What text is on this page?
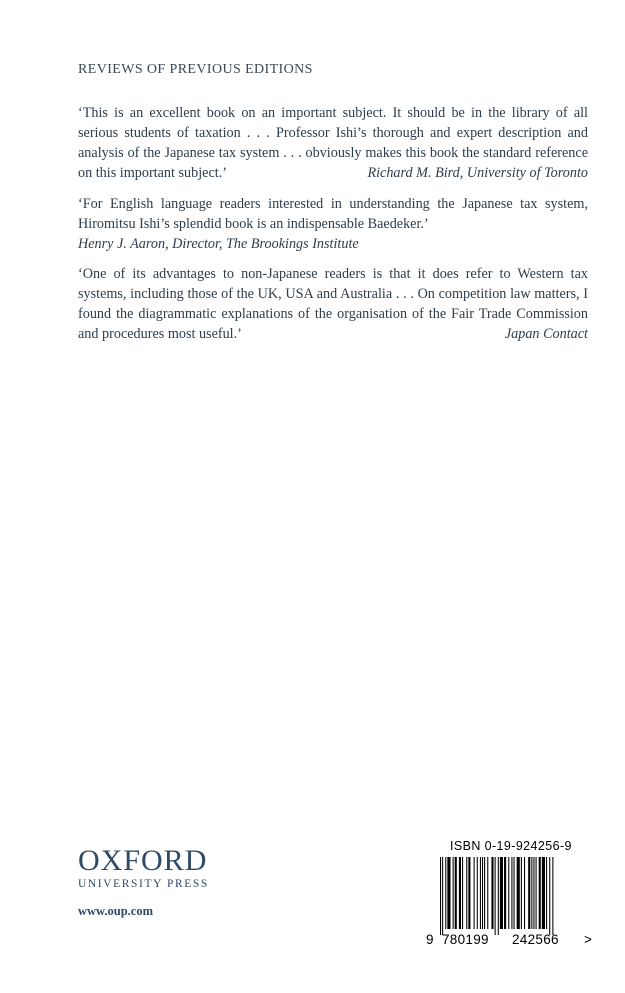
REVIEWS OF PREVIOUS EDITIONS

‘This is an excellent book on an important subject. It should be in the library of all serious students of taxation . . . Professor Ishi’s thorough and expert description and analysis of the Japanese tax system . . . obviously makes this book the standard reference on this important subject.’	Richard M. Bird, University of Toronto

‘For English language readers interested in understanding the Japanese tax system, Hiromitsu Ishi’s splendid book is an indispensable Baedeker.’

Henry J. Aaron, Director, The Brookings Institute

‘One of its advantages to non-Japanese readers is that it does refer to Western tax systems, including those of the UK, USA and Australia . . . On competition law matters, I found the diagrammatic explanations of the organisation of the Fair Trade Commission and procedures most useful.’	Japan Contact

OXFORD
UNIVERSITY PRESS
www.oup.com
ISBN 0-19-924256-9
9 780199 242566 >
